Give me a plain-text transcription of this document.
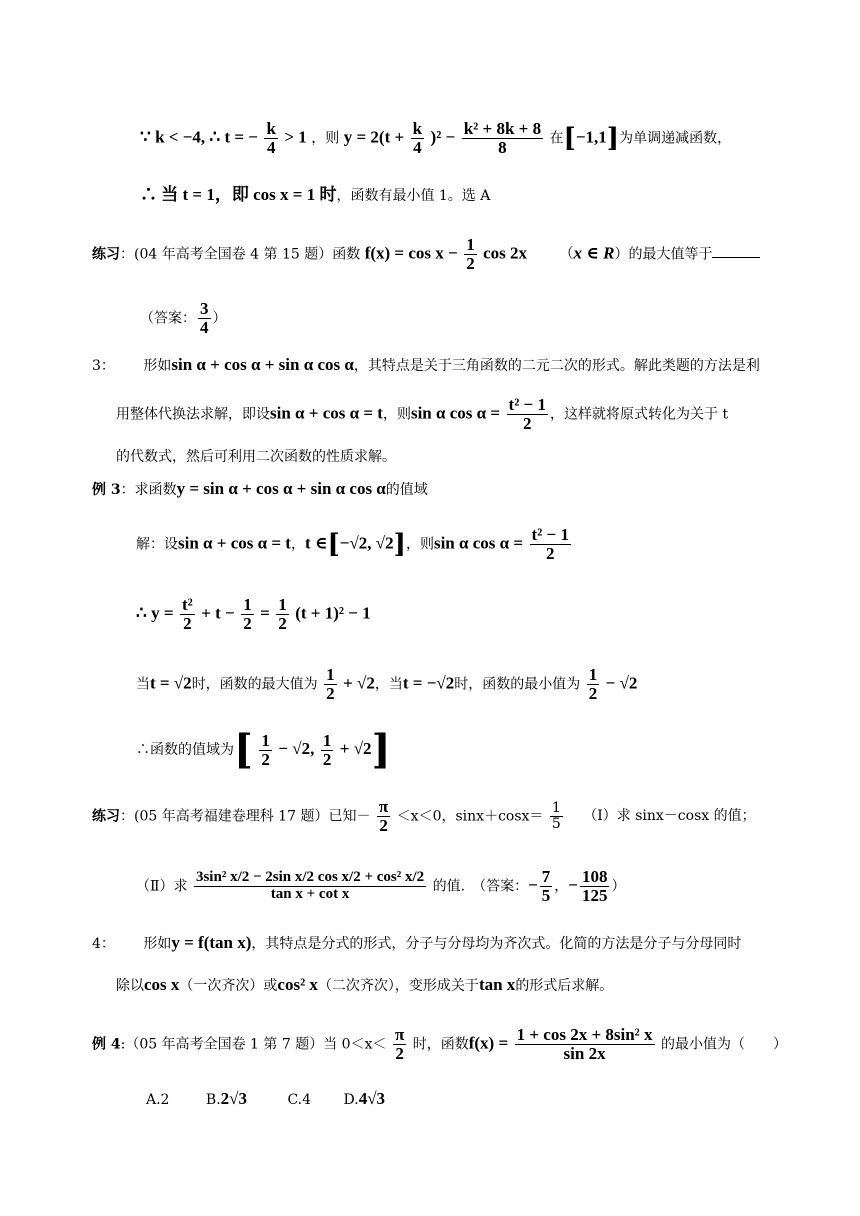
∵ k < −4, ∴ t = − $\frac{k}{4} > 1$ ，则 $y = 2(t + \frac{k}{4} )^2 - \frac{\text{k² + 8k + 8}}{8}$ 在[−1,1]为单调递减函数，
∴ 当 t = 1，即 cos x = 1 时，函数有最小值 1。选 A
练习：(04 年高考全国卷 4 第 15 题）函数 $f(x) = \cos x - \frac{1}{2}$ cos 2x （x ∈ R）的最大值等于
（答案： $\frac{3}{4}$ ）
3： 形如sin α + cos α + sin α cos α，其特点是关于三角函数的二元二次的形式。解此类题的方法是利
用整体代换法求解，即设sin α + cos α = t，则sin α $\cos \alpha = \frac{\text{t² − 1}}{2}$ ，这样就将原式转化为关于 t
的代数式，然后可利用二次函数的性质求解。
例 3：求函数y = sin α + cos α + sin α cos α的值域
解：设sin α + cos α = t，t ∈[−√2, √2]，则sin α $\cos \alpha = \frac{\text{t² − 1}}{2}$
∴ $y = \frac{\text{t²}}{2} + t - \frac{1}{2} = \frac{1}{2} (t + 1)^2 - 1$
当t = √2时，函数的最大值为 $\frac{1}{2} + √2$，当t = −√2时，函数的最小值为 $\frac{1}{2} - √2$
∴函数的值域为[ $\frac{1}{2} - √2$, $\frac{1}{2} + √2$]
练习：(05 年高考福建卷理科 17 题）已知－ $\frac{\pi}{2} <x<0$，$\sin x+\cos x= \frac{1}{5}$ （Ⅰ）求 sinx－cosx 的值；
（Ⅱ）求 $\frac{\text{3sin² x/2 − 2sin x/2 cos x/2 + cos² x/2}}{\text{tan x + cot x}}$ 的值.　（答案：− $\frac{7}{5}$ ，− $\frac{108}{125}$ ）
4： 形如y = f(tan x)，其特点是分式的形式，分子与分母均为齐次式。化简的方法是分子与分母同时
除以cos x（一次齐次）或cos² x（二次齐次），变形成关于tan x的形式后求解。
例 4:（05 年高考全国卷 1 第 7 题）当 $0<x< \frac{\pi}{2}$ 时，函数$f(x) = \frac{\text{1 + cos 2x + 8sin² x}}{\sin 2x}$ 的最小值为（　　）
A.2	B.2√3	C.4 D.4√3
